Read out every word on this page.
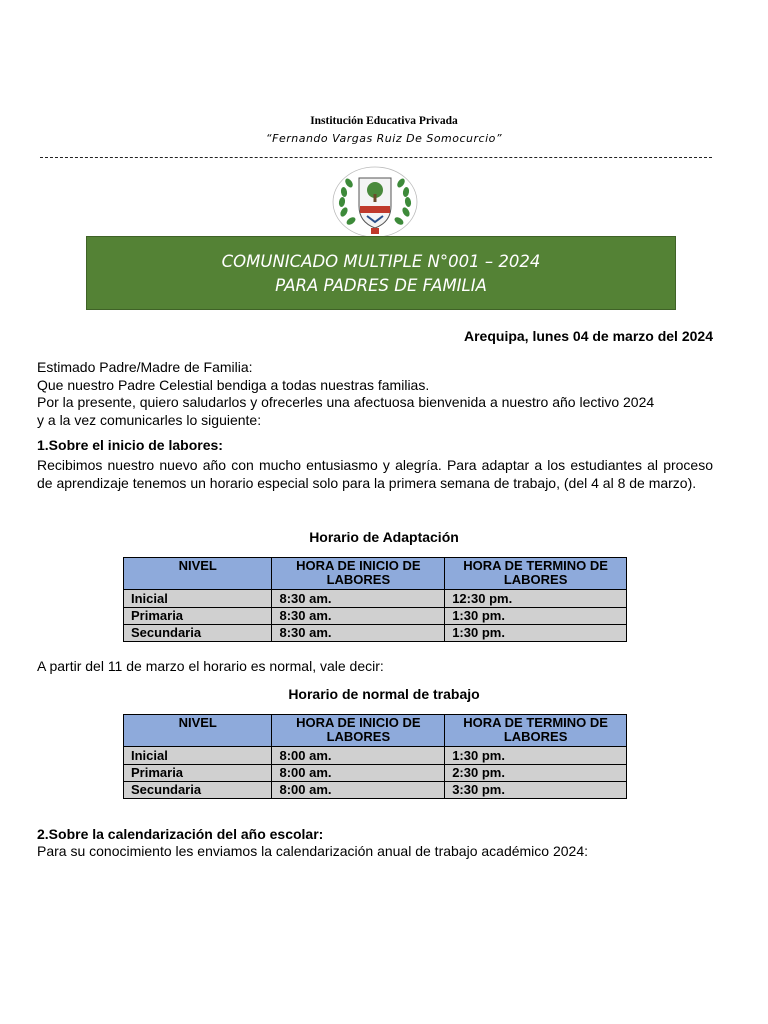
Institución Educativa Privada
“Fernando Vargas Ruiz De Somocurcio”
COMUNICADO MULTIPLE N°001 – 2024
PARA PADRES DE FAMILIA
Arequipa, lunes 04 de marzo del 2024
Estimado Padre/Madre de Familia:
Que nuestro Padre Celestial bendiga a todas nuestras familias.
Por la presente, quiero saludarlos y ofrecerles una afectuosa bienvenida a nuestro año lectivo 2024
y a la vez comunicarles lo siguiente:
1.Sobre el inicio de labores:
Recibimos nuestro nuevo año con mucho entusiasmo y alegría. Para adaptar a los estudiantes al proceso de aprendizaje tenemos un horario especial solo para la primera semana de trabajo, (del 4 al 8 de marzo).
Horario de Adaptación
NIVEL	HORA DE INICIO DE LABORES	HORA DE TERMINO DE LABORES
Inicial	8:30 am.	12:30 pm.
Primaria	8:30 am.	1:30 pm.
Secundaria	8:30 am.	1:30 pm.
A partir del 11 de marzo el horario es normal, vale decir:
Horario de normal de trabajo
NIVEL	HORA DE INICIO DE LABORES	HORA DE TERMINO DE LABORES
Inicial	8:00 am.	1:30 pm.
Primaria	8:00 am.	2:30 pm.
Secundaria	8:00 am.	3:30 pm.
2.Sobre la calendarización del año escolar:
Para su conocimiento les enviamos la calendarización anual de trabajo académico 2024:
